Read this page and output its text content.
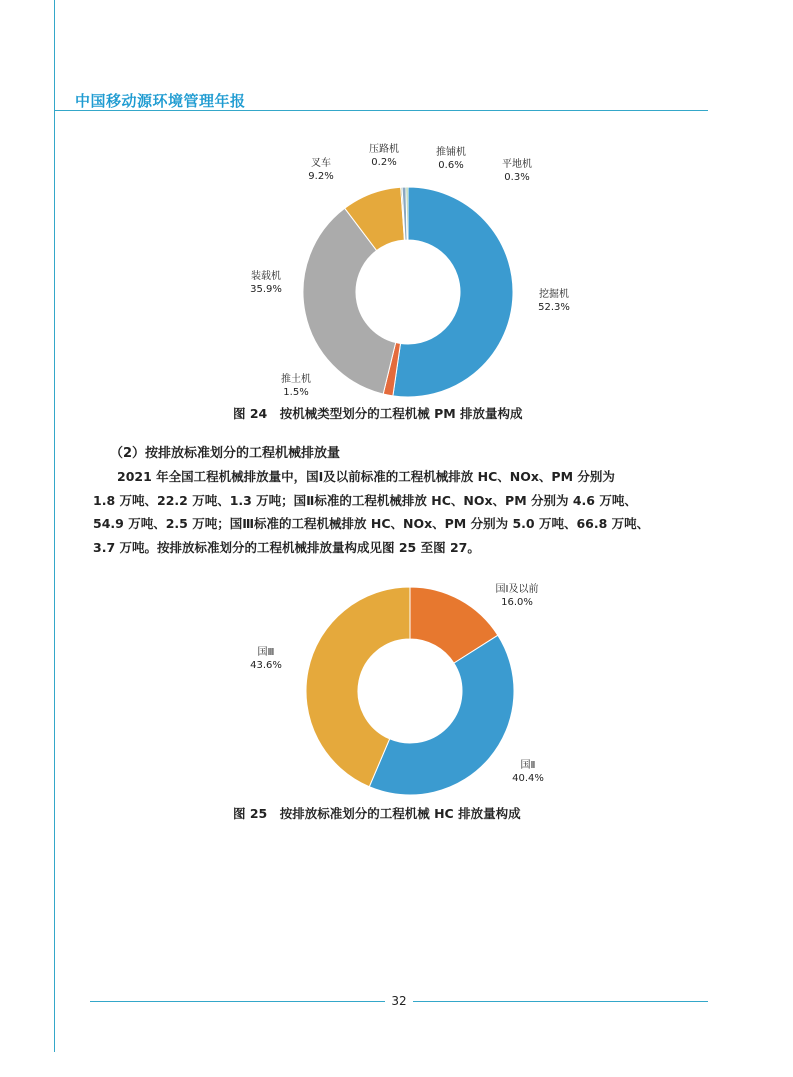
中国移动源环境管理年报
压路机
0.2%
推铺机
0.6%	平地机
0.3%
叉车
9.2%
装载机
35.9%	挖掘机
52.3%
推土机
1.5%
国Ⅰ及以前
16.0%
国Ⅲ
43.6%
国Ⅱ
40.4%
图 24　按机械类型划分的工程机械 PM 排放量构成
（2）按排放标准划分的工程机械排放量
2021 年全国工程机械排放量中，国Ⅰ及以前标准的工程机械排放 HC、NOx、PM 分别为
1.8 万吨、22.2 万吨、1.3 万吨；国Ⅱ标准的工程机械排放 HC、NOx、PM 分别为 4.6 万吨、
54.9 万吨、2.5 万吨；国Ⅲ标准的工程机械排放 HC、NOx、PM 分别为 5.0 万吨、66.8 万吨、
3.7 万吨。按排放标准划分的工程机械排放量构成见图 25 至图 27。
图 25　按排放标准划分的工程机械 HC 排放量构成
32
